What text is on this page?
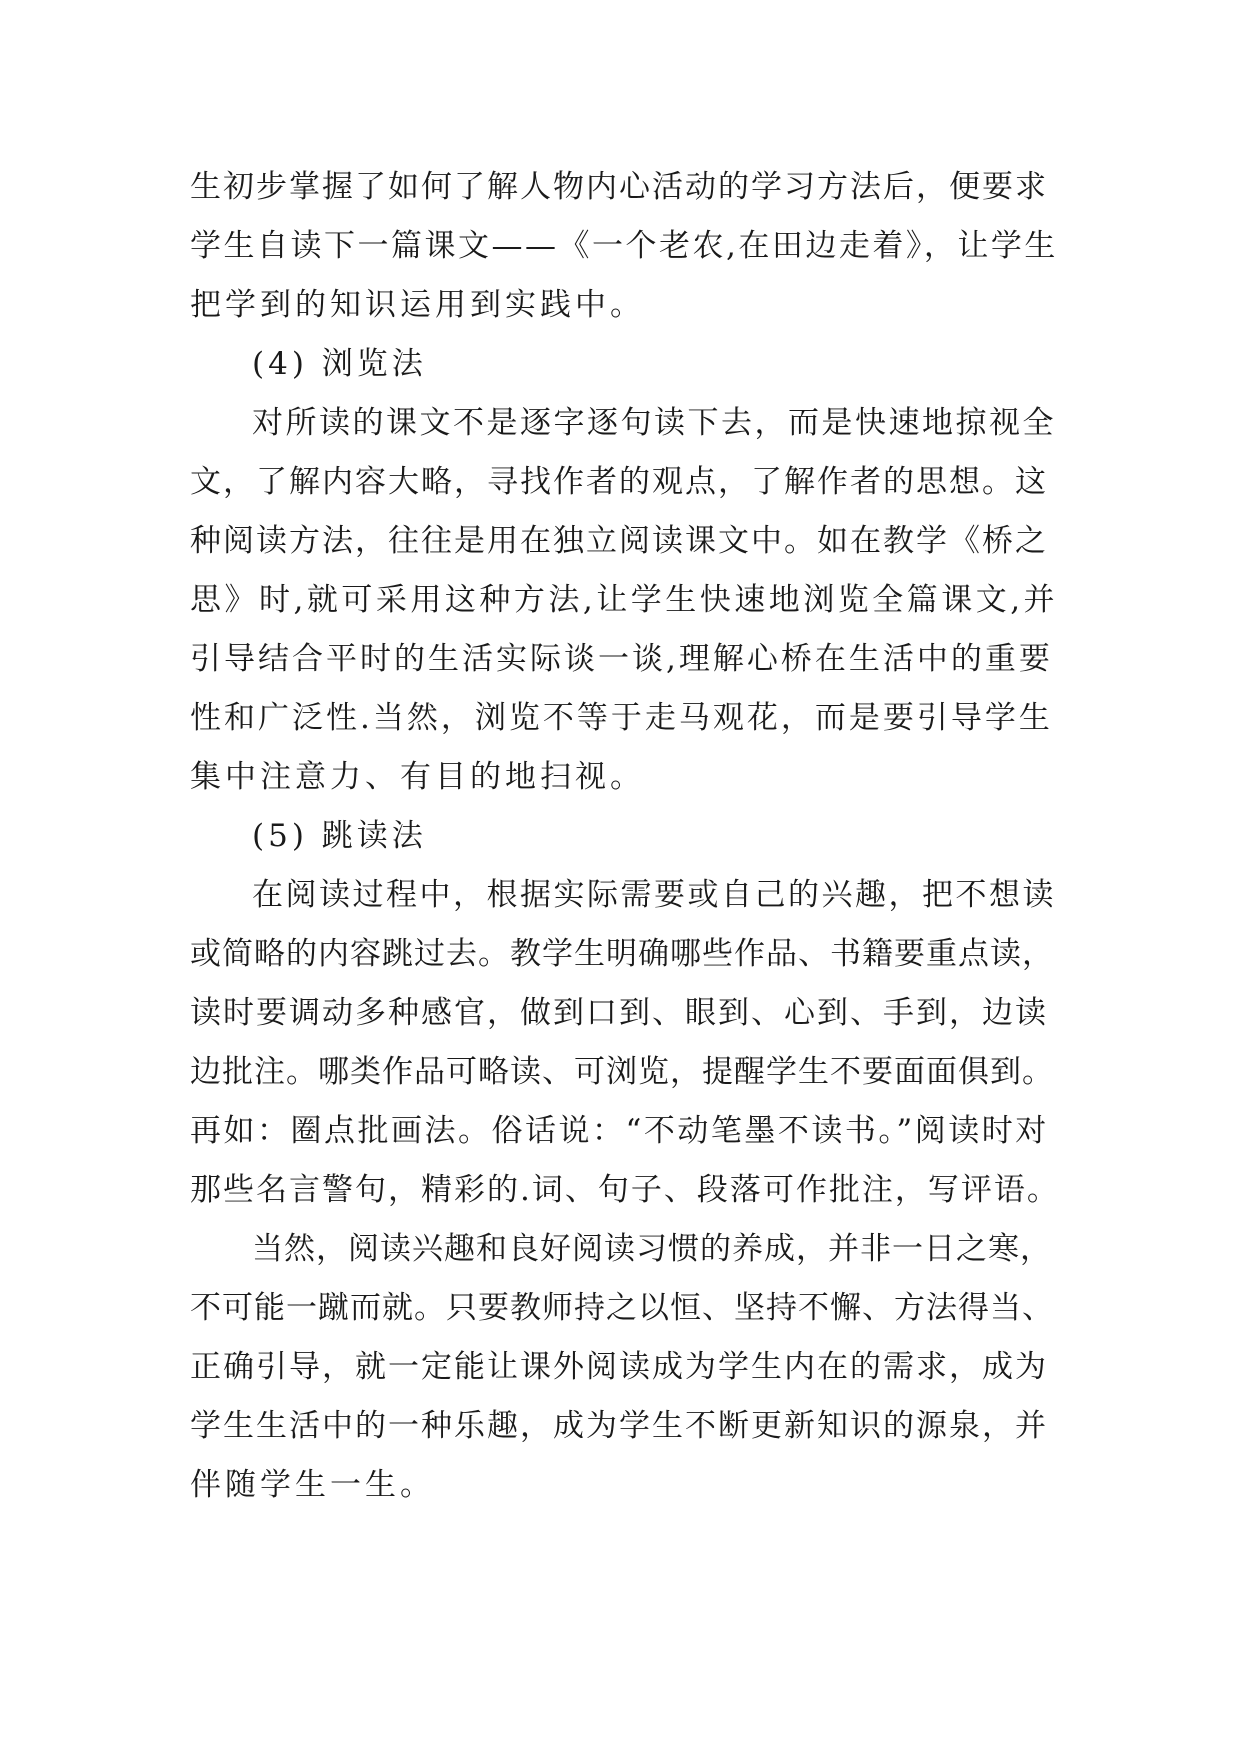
生初步掌握了如何了解人物内心活动的学习方法后，便要求
学生自读下一篇课文——《一个老农,在田边走着》，让学生
把学到的知识运用到实践中。

(4) 浏览法

对所读的课文不是逐字逐句读下去，而是快速地掠视全
文，了解内容大略，寻找作者的观点，了解作者的思想。这
种阅读方法，往往是用在独立阅读课文中。如在教学《桥之
思》时,就可采用这种方法,让学生快速地浏览全篇课文,并
引导结合平时的生活实际谈一谈,理解心桥在生活中的重要
性和广泛性.当然，浏览不等于走马观花，而是要引导学生
集中注意力、有目的地扫视。

(5) 跳读法

在阅读过程中，根据实际需要或自己的兴趣，把不想读
或简略的内容跳过去。教学生明确哪些作品、书籍要重点读，
读时要调动多种感官，做到口到、眼到、心到、手到，边读
边批注。哪类作品可略读、可浏览，提醒学生不要面面俱到。
再如：圈点批画法。俗话说：“不动笔墨不读书。”阅读时对
那些名言警句，精彩的.词、句子、段落可作批注，写评语。

当然，阅读兴趣和良好阅读习惯的养成，并非一日之寒，
不可能一蹴而就。只要教师持之以恒、坚持不懈、方法得当、
正确引导，就一定能让课外阅读成为学生内在的需求，成为
学生生活中的一种乐趣，成为学生不断更新知识的源泉，并
伴随学生一生。
